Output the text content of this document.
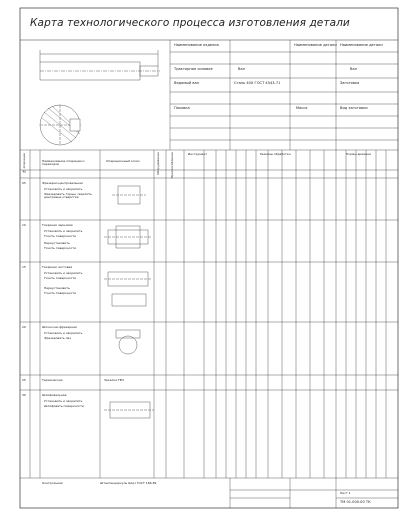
Карта технологического процесса изготовления детали
Наименование изделия	Наименование детали Наименование детали
Тракторное силовое	Вал	Вал
Ведомый вал	Сталь 40Х ГОСТ 4543-71	Заготовка
Поковка	Масса	Вид заготовки
№ операции	Наименование операции и переходов
Операционный эскиз	Оборудование	Приспособление	Инструмент	Режимы обработки	Нормы времени
05	Фрезерно-центровальная
Установить и закрепить
Фрезеровать торцы, сверлить центровые отверстия
10	Токарная черновая
Установить и закрепить
Точить поверхности
Переустановить
Точить поверхности
15	Токарная чистовая
Установить и закрепить
Точить поверхности
Переустановить
Точить поверхности
20	Шпоночно-фрезерная
Установить и закрепить
Фрезеровать паз
25	Термическая	Закалка ТВЧ
30	Шлифовальная
Установить и закрепить
Шлифовать поверхности
Контрольная	Штангенциркуль ШЦ-I ГОСТ 166-89
ТМ 01.000.00 ТК
Лист 1
